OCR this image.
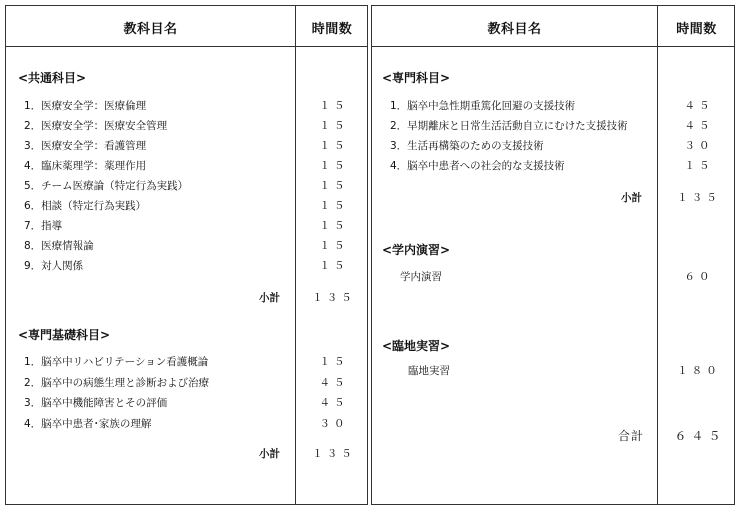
教科目名	時間数
<共通科目>
1．医療安全学：医療倫理	１５
2．医療安全学：医療安全管理	１５
3．医療安全学：看護管理	１５
4．臨床薬理学：薬理作用	１５
5．チーム医療論（特定行為実践）	１５
6．相談（特定行為実践）	１５
7．指導	１５
8．医療情報論	１５
9．対人関係	１５
小計	１３５
<専門基礎科目>
1．脳卒中リハビリテーション看護概論	１５
2．脳卒中の病態生理と診断および治療	４５
3．脳卒中機能障害とその評価	４５
4．脳卒中患者･家族の理解	３０
小計	１３５
教科目名	時間数
<専門科目>
1．脳卒中急性期重篤化回避の支援技術	４５
2．早期離床と日常生活活動自立にむけた支援技術	４５
3．生活再構築のための支援技術	３０
4．脳卒中患者への社会的な支援技術	１５
小計	１３５
<学内演習>
学内演習	６０
<臨地実習>
臨地実習	１８０
合計	６４５
